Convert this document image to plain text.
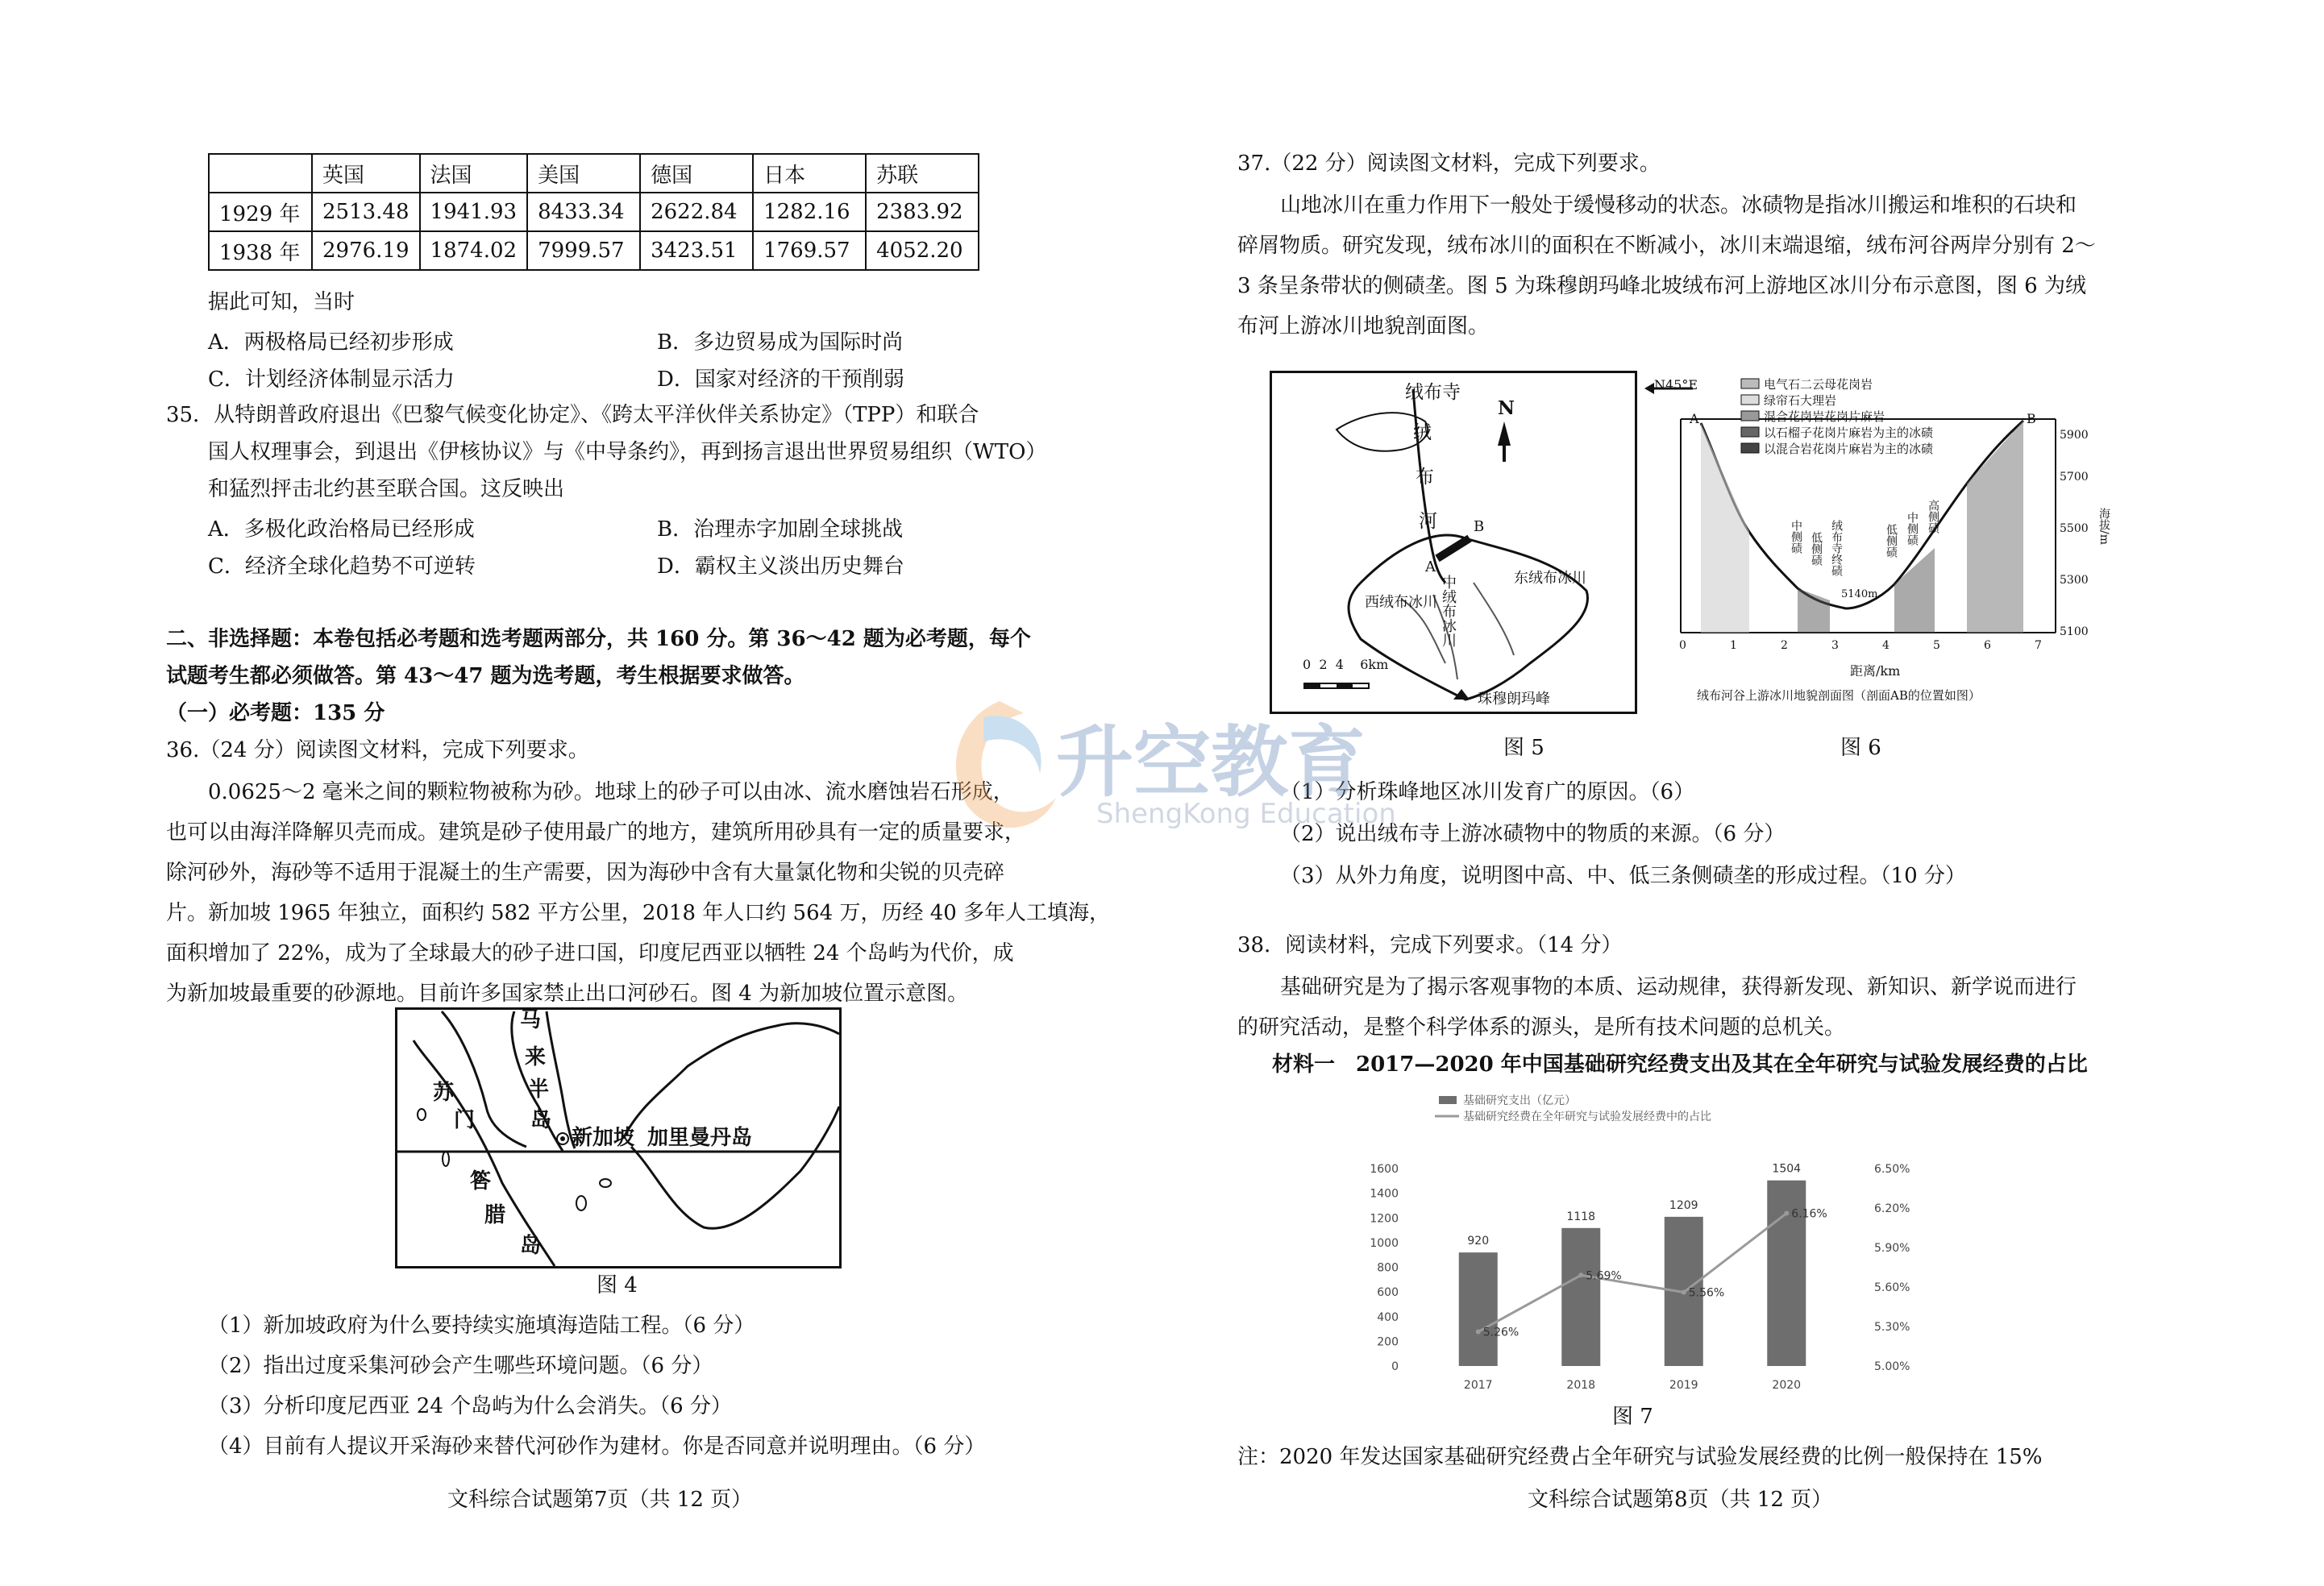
	英国	法国	美国	德国	日本	苏联
1929 年	2513.48	1941.93	8433.34	2622.84	1282.16	2383.92
1938 年	2976.19	1874.02	7999.57	3423.51	1769.57	4052.20
据此可知，当时
A．两极格局已经初步形成	B．多边贸易成为国际时尚
C．计划经济体制显示活力	D．国家对经济的干预削弱
35．从特朗普政府退出《巴黎气候变化协定》、《跨太平洋伙伴关系协定》（TPP）和联合
国人权理事会，到退出《伊核协议》与《中导条约》，再到扬言退出世界贸易组织（WTO）
和猛烈抨击北约甚至联合国。这反映出
A．多极化政治格局已经形成	B．治理赤字加剧全球挑战
C．经济全球化趋势不可逆转	D．霸权主义淡出历史舞台
二、非选择题：本卷包括必考题和选考题两部分，共 160 分。第 36～42 题为必考题，每个
试题考生都必须做答。第 43～47 题为选考题，考生根据要求做答。
（一）必考题：135 分
36.（24 分）阅读图文材料，完成下列要求。
0.0625～2 毫米之间的颗粒物被称为砂。地球上的砂子可以由冰、流水磨蚀岩石形成，
也可以由海洋降解贝壳而成。建筑是砂子使用最广的地方，建筑所用砂具有一定的质量要求，
除河砂外，海砂等不适用于混凝土的生产需要，因为海砂中含有大量氯化物和尖锐的贝壳碎
片。新加坡 1965 年独立，面积约 582 平方公里，2018 年人口约 564 万，历经 40 多年人工填海，
面积增加了 22%，成为了全球最大的砂子进口国，印度尼西亚以牺牲 24 个岛屿为代价，成
为新加坡最重要的砂源地。目前许多国家禁止出口河砂石。图 4 为新加坡位置示意图。
马
来
半
岛
苏
门
答
腊
岛
新加坡 加里曼丹岛
图 4
（1）新加坡政府为什么要持续实施填海造陆工程。（6 分）
（2）指出过度采集河砂会产生哪些环境问题。（6 分）
（3）分析印度尼西亚 24 个岛屿为什么会消失。（6 分）
（4）目前有人提议开采海砂来替代河砂作为建材。你是否同意并说明理由。（6 分）
文科综合试题第7页（共 12 页）
37.（22 分）阅读图文材料，完成下列要求。
山地冰川在重力作用下一般处于缓慢移动的状态。冰碛物是指冰川搬运和堆积的石块和
碎屑物质。研究发现，绒布冰川的面积在不断减小，冰川末端退缩，绒布河谷两岸分别有 2～
3 条呈条带状的侧碛垄。图 5 为珠穆朗玛峰北坡绒布河上游地区冰川分布示意图，图 6 为绒
布河上游冰川地貌剖面图。
绒布寺
绒
布
河
N
中绒布冰川	东绒布冰川
西绒布冰川
珠穆朗玛峰
0  2  4    6km
A
B
图 5
N45°E	电气石二云母花岗岩
绿帘石大理岩
混合花岗岩花岗片麻岩
以石榴子花岗片麻岩为主的冰碛
以混合岩花岗片麻岩为主的冰碛
A	B
5900
5700
5500
5300
5100
海拔/m
0	1	2	3	4	5	6	7
距离/km
中侧碛 低侧碛 绒布寺终碛	低侧碛 中侧碛 高侧碛
5140m
绒布河谷上游冰川地貌剖面图（剖面AB的位置如图）
图 6
（1）分析珠峰地区冰川发育广的原因。（6）
（2）说出绒布寺上游冰碛物中的物质的来源。（6 分）
（3）从外力角度，说明图中高、中、低三条侧碛垄的形成过程。（10 分）
38．阅读材料，完成下列要求。（14 分）
基础研究是为了揭示客观事物的本质、运动规律，获得新发现、新知识、新学说而进行
的研究活动，是整个科学体系的源头，是所有技术问题的总机关。
材料一　2017—2020 年中国基础研究经费支出及其在全年研究与试验发展经费的占比
基础研究支出（亿元）
基础研究经费在全年研究与试验发展经费中的占比
0
200
400
600
800
1000
1200
1400
1600
5.00%
5.30%
5.60%
5.90%
6.20%
6.50%
920
2017
1118
2018
1209
2019
1504
2020
5.26%
5.69%
5.56%
6.16%
图 7
注：2020 年发达国家基础研究经费占全年研究与试验发展经费的比例一般保持在 15%
文科综合试题第8页（共 12 页）
升空教育
ShengKong Education
